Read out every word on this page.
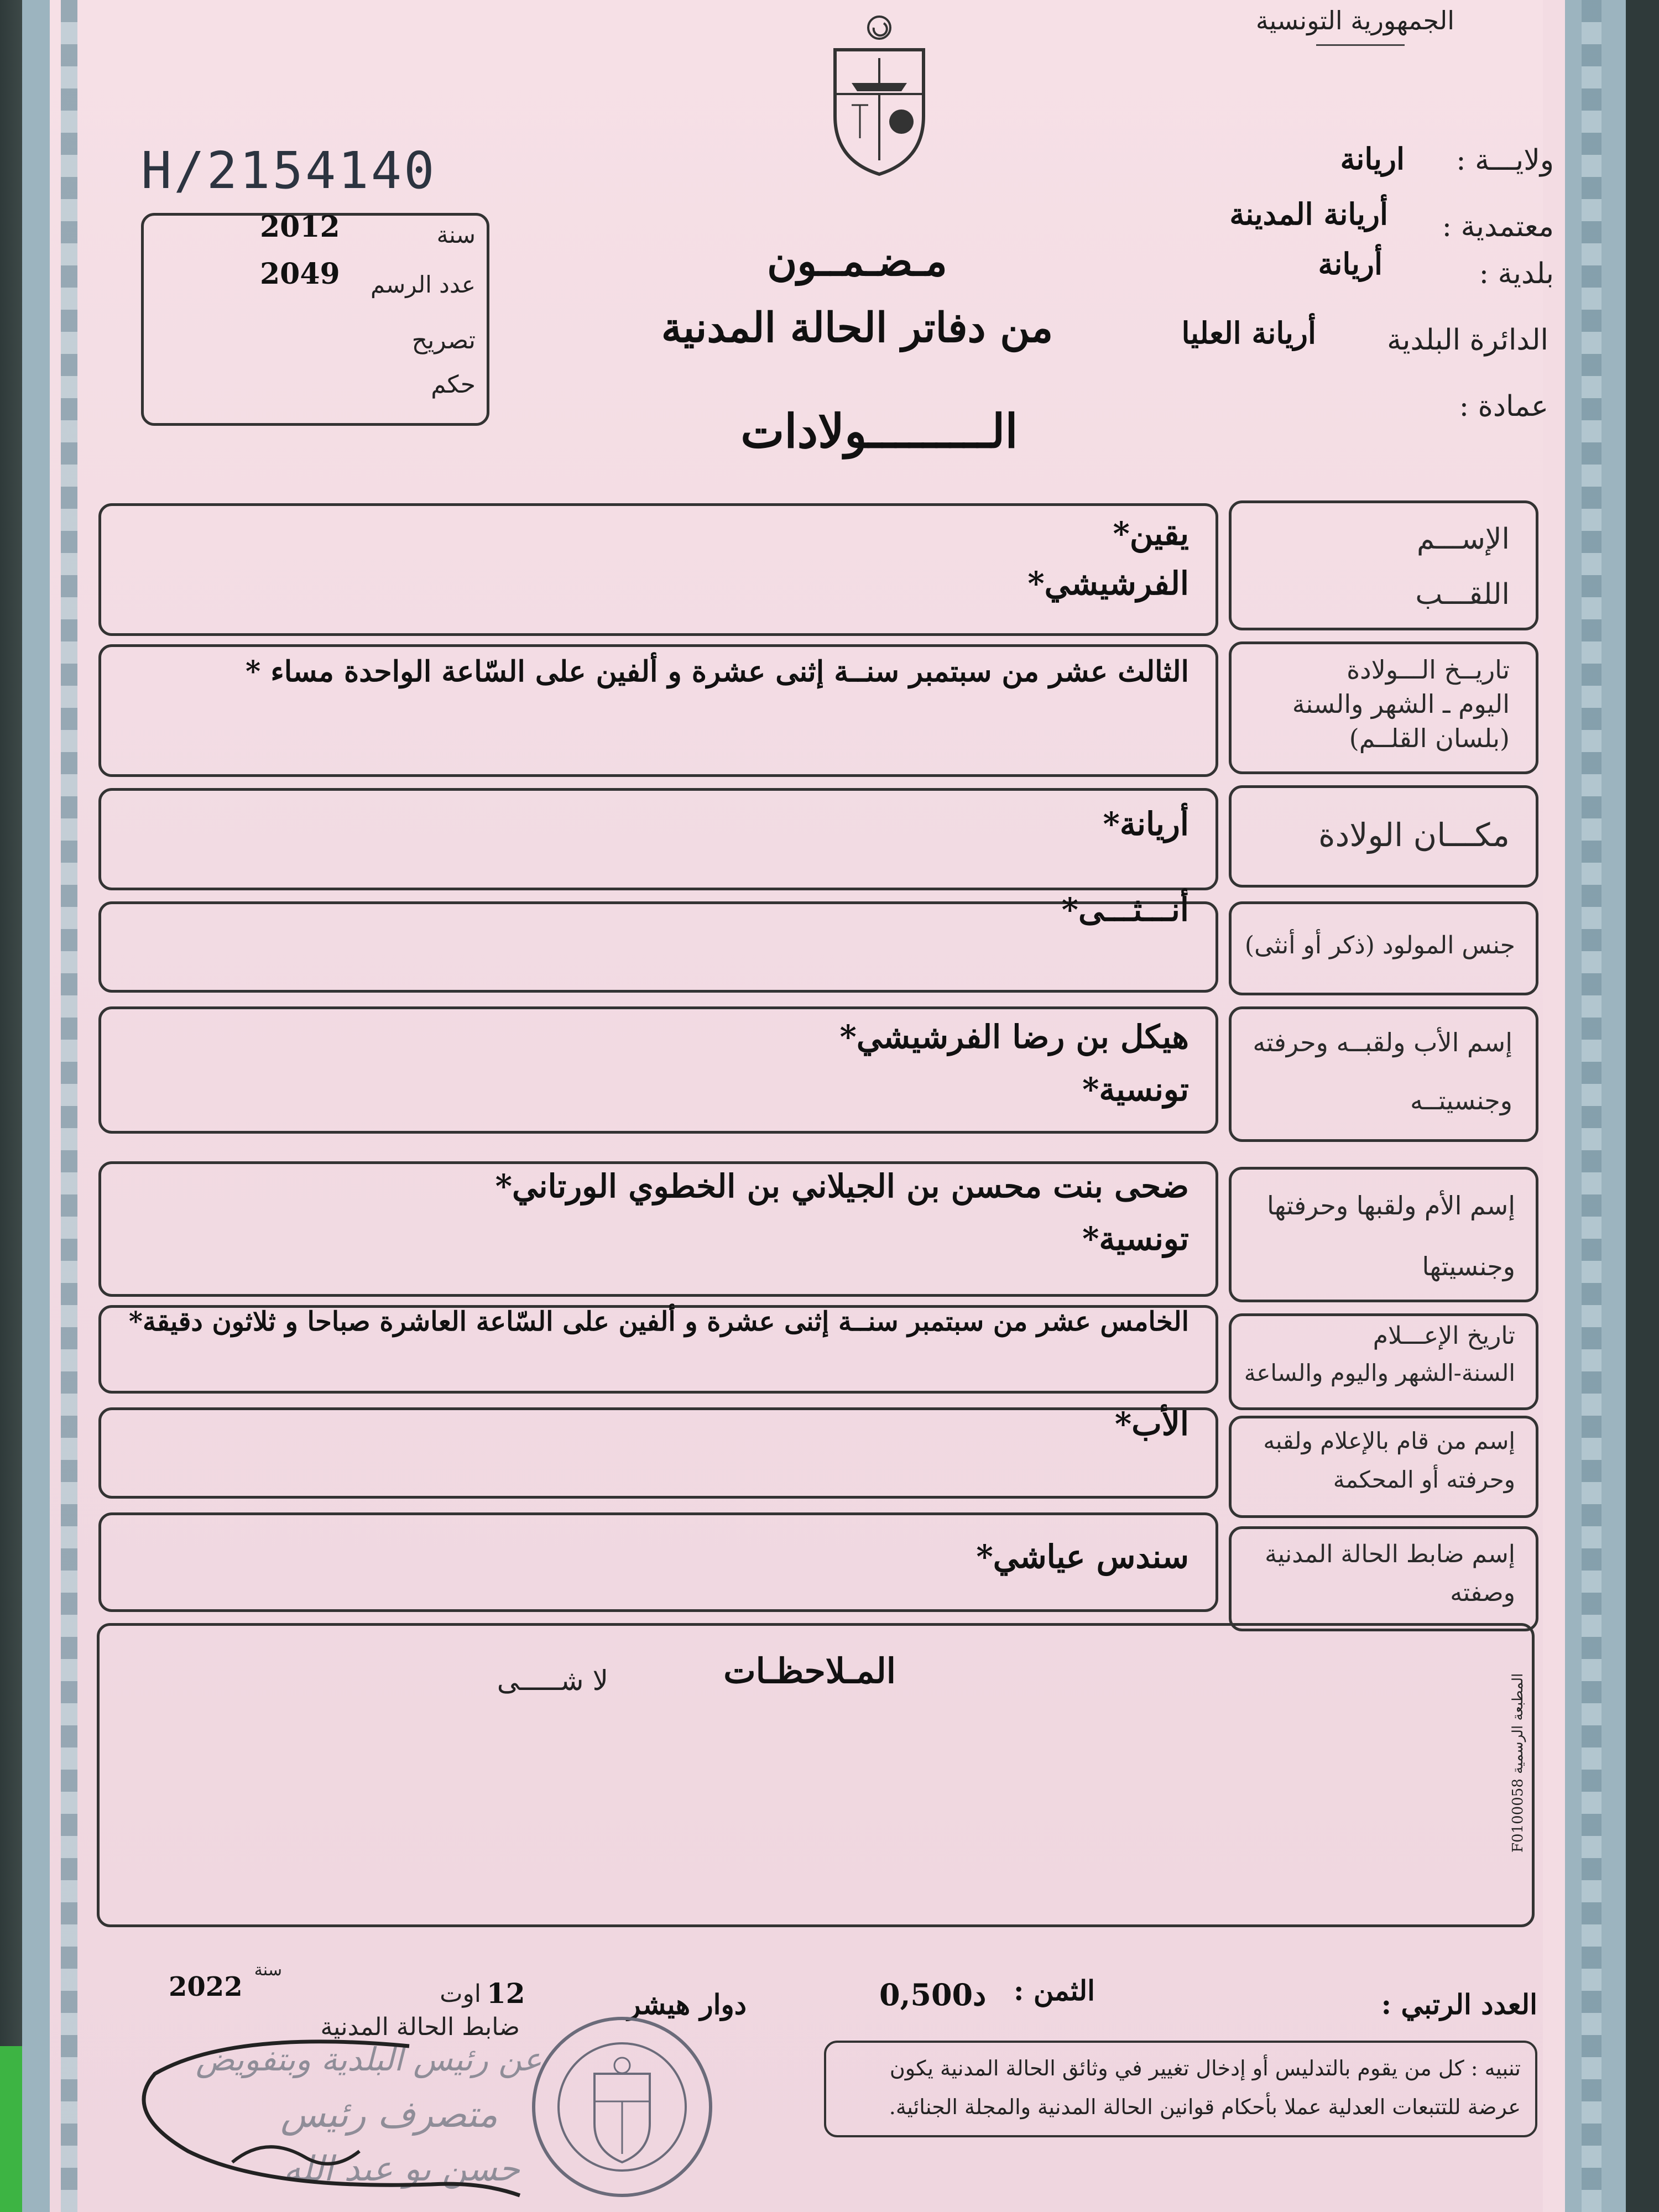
الجمهورية التونسية
H/2154140
2012	سنة
2049	عدد الرسم
تصريح
حكم
ولايـــة :
اريانة
معتمدية :
أريانة المدينة
بلدية :
أريانة
الدائرة البلدية
أريانة العليا
عمادة :
مـضـمــون
من دفاتر الحالة المدنية
الـــــــــولادات
الإســـم
اللقـــب
يقين*
الفرشيشي*
تاريــخ الـــولادة
اليوم ـ الشهر والسنة
(بلسان القلــم)
الثالث عشر من سبتمبر سنــة إثنى عشرة و ألفين على السّاعة الواحدة مساء *
مكـــان الولادة
أريانة*
جنس المولود (ذكر أو أنثى)
أنـــثـــى*
إسم الأب ولقبــه وحرفته
وجنسيتــه
هيكل بن رضا الفرشيشي*
تونسية*
إسم الأم ولقبها وحرفتها
وجنسيتها
ضحى بنت محسن بن الجيلاني بن الخطوي الورتاني*
تونسية*
تاريخ الإعـــلام
السنة-الشهر واليوم والساعة
الخامس عشر من سبتمبر سنــة إثنى عشرة و ألفين على السّاعة العاشرة صباحا و ثلاثون دقيقة*
إسم من قام بالإعلام ولقبه
وحرفته أو المحكمة
الأب*
إسم ضابط الحالة المدنية
وصفته
سندس عياشي*
المـلاحظـات
لا شـــــى
المطبعة الرسمية F0100058
العدد الرتبي :
الثمن :
0,500د
دوار هيشر
12
اوت
سنة
2022
ضابط الحالة المدنية
عن رئيس البلدية وبتفويض
متصرف رئيس
حسن بو عبد الله
تنبيه : كل من يقوم بالتدليس أو إدخال تغيير في وثائق الحالة المدنية يكون عرضة للتتبعات العدلية عملا بأحكام قوانين الحالة المدنية والمجلة الجنائية.
